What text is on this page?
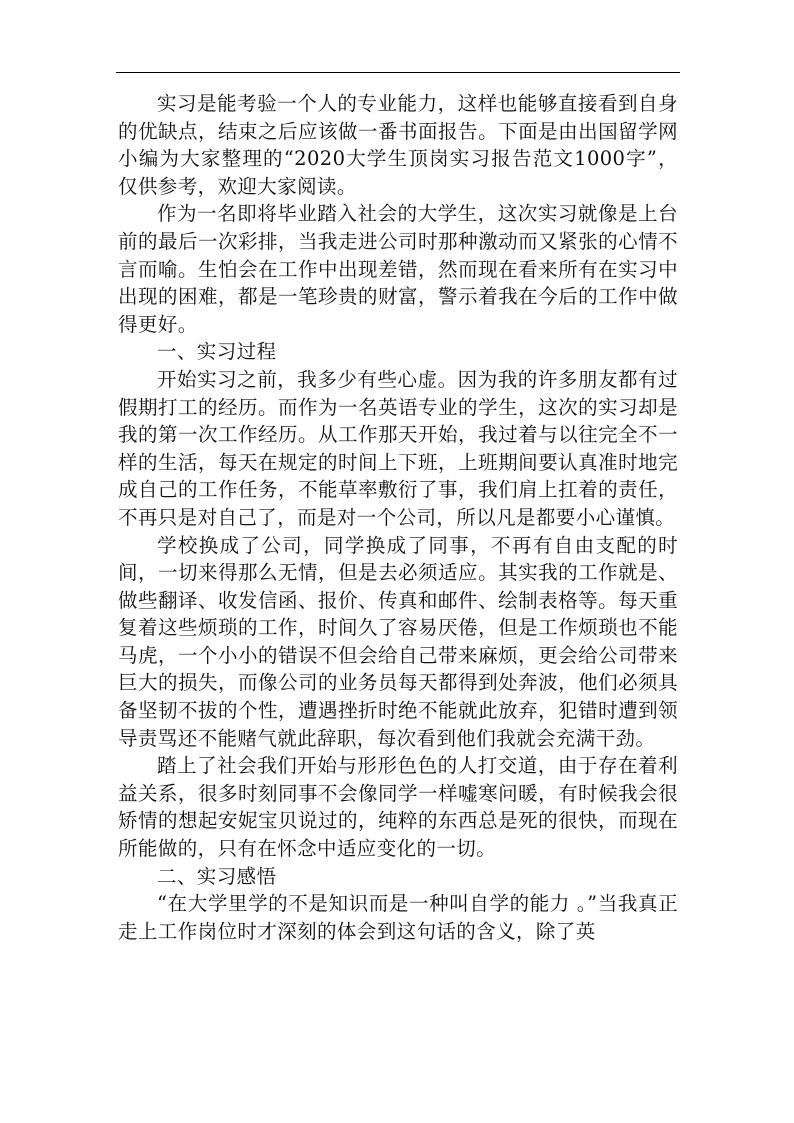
实习是能考验一个人的专业能力，这样也能够直接看到自身的优缺点，结束之后应该做一番书面报告。下面是由出国留学网小编为大家整理的“2020大学生顶岗实习报告范文1000字”，仅供参考，欢迎大家阅读。

作为一名即将毕业踏入社会的大学生，这次实习就像是上台前的最后一次彩排，当我走进公司时那种激动而又紧张的心情不言而喻。生怕会在工作中出现差错，然而现在看来所有在实习中出现的困难，都是一笔珍贵的财富，警示着我在今后的工作中做得更好。

一、实习过程

开始实习之前，我多少有些心虚。因为我的许多朋友都有过假期打工的经历。而作为一名英语专业的学生，这次的实习却是我的第一次工作经历。从工作那天开始，我过着与以往完全不一样的生活，每天在规定的时间上下班，上班期间要认真准时地完成自己的工作任务，不能草率敷衍了事，我们肩上扛着的责任，不再只是对自己了，而是对一个公司，所以凡是都要小心谨慎。

学校换成了公司，同学换成了同事，不再有自由支配的时间，一切来得那么无情，但是去必须适应。其实我的工作就是、做些翻译、收发信函、报价、传真和邮件、绘制表格等。每天重复着这些烦琐的工作，时间久了容易厌倦，但是工作烦琐也不能马虎，一个小小的错误不但会给自己带来麻烦，更会给公司带来巨大的损失，而像公司的业务员每天都得到处奔波，他们必须具备坚韧不拔的个性，遭遇挫折时绝不能就此放弃，犯错时遭到领导责骂还不能赌气就此辞职，每次看到他们我就会充满干劲。

踏上了社会我们开始与形形色色的人打交道，由于存在着利益关系，很多时刻同事不会像同学一样嘘寒问暖，有时候我会很矫情的想起安妮宝贝说过的，纯粹的东西总是死的很快，而现在所能做的，只有在怀念中适应变化的一切。

二、实习感悟

“在大学里学的不是知识而是一种叫自学的能力 。”当我真正走上工作岗位时才深刻的体会到这句话的含义，除了英
